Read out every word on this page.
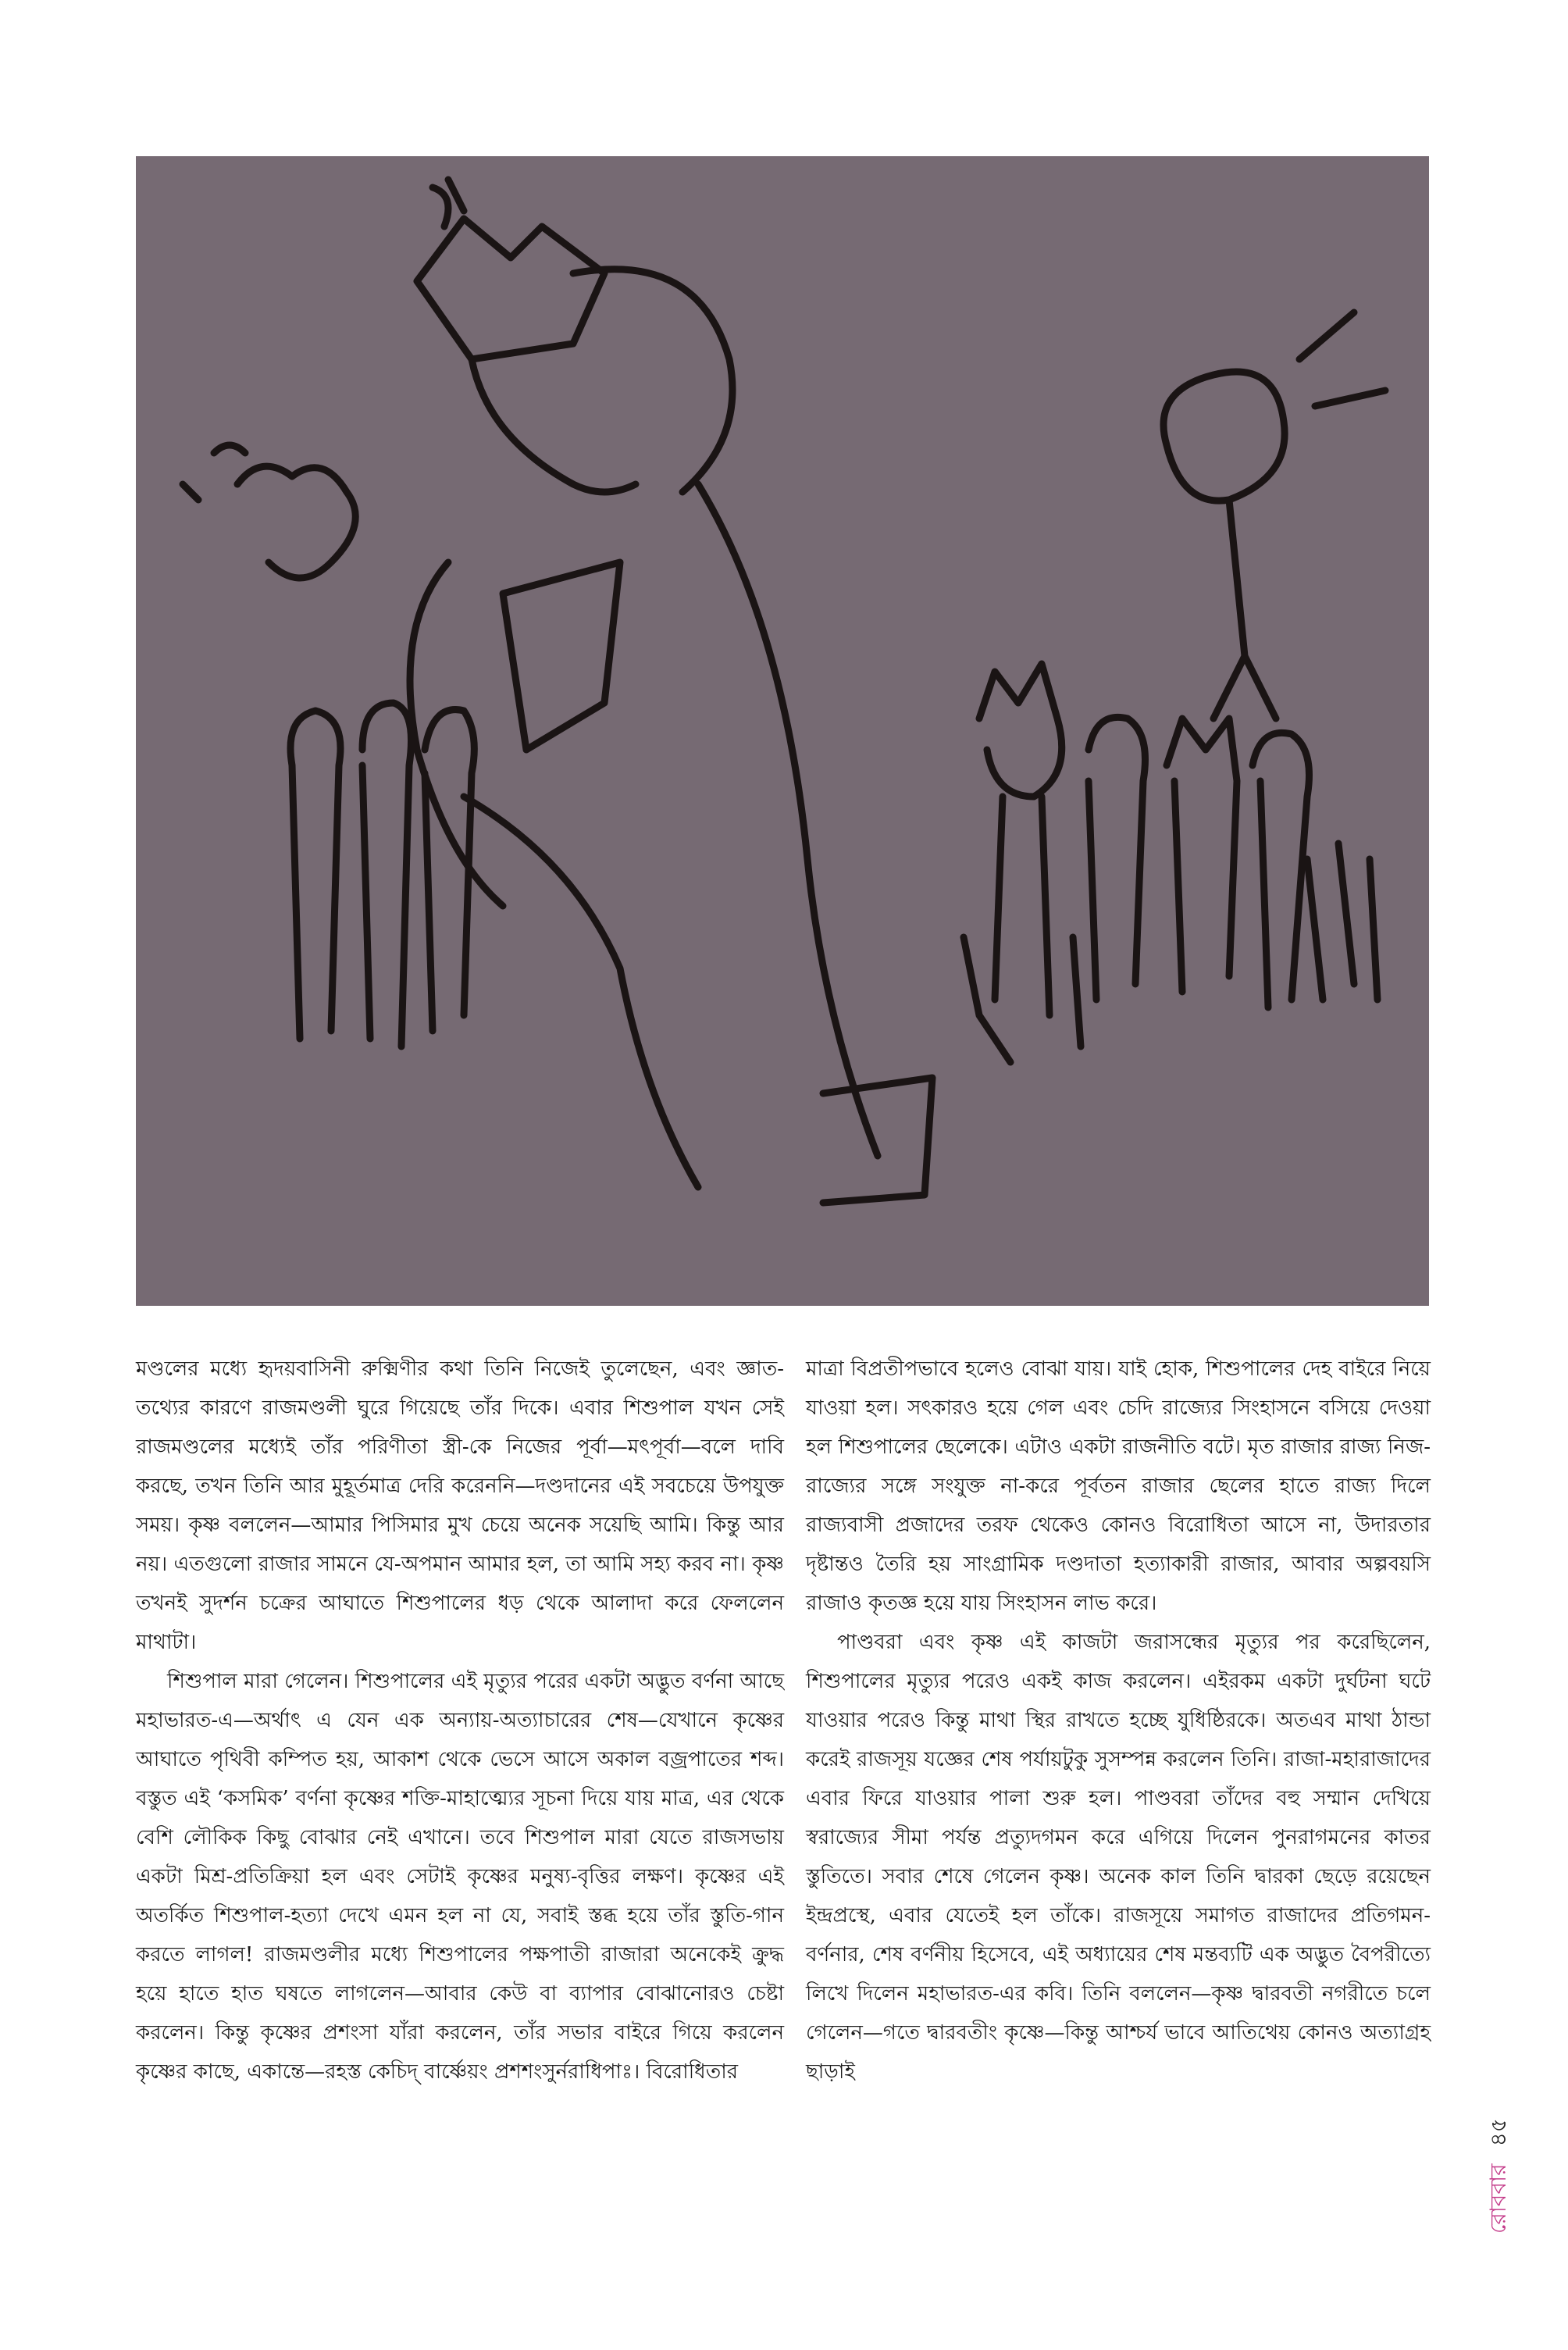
মণ্ডলের মধ্যে হৃদয়বাসিনী রুক্মিণীর কথা তিনি নিজেই তুলেছেন, এবং জ্ঞাত-তথ্যের কারণে রাজমণ্ডলী ঘুরে গিয়েছে তাঁর দিকে। এবার শিশুপাল যখন সেই রাজমণ্ডলের মধ্যেই তাঁর পরিণীতা স্ত্রী-কে নিজের পূর্বা—মৎপূর্বা—বলে দাবি করছে, তখন তিনি আর মুহূর্তমাত্র দেরি করেননি—দণ্ডদানের এই সবচেয়ে উপযুক্ত সময়। কৃষ্ণ বললেন—আমার পিসিমার মুখ চেয়ে অনেক সয়েছি আমি। কিন্তু আর নয়। এতগুলো রাজার সামনে যে-অপমান আমার হল, তা আমি সহ্য করব না। কৃষ্ণ তখনই সুদর্শন চক্রের আঘাতে শিশুপালের ধড় থেকে আলাদা করে ফেললেন মাথাটা।

শিশুপাল মারা গেলেন। শিশুপালের এই মৃত্যুর পরের একটা অদ্ভুত বর্ণনা আছে মহাভারত-এ—অর্থাৎ এ যেন এক অন্যায়-অত্যাচারের শেষ—যেখানে কৃষ্ণের আঘাতে পৃথিবী কম্পিত হয়, আকাশ থেকে ভেসে আসে অকাল বজ্রপাতের শব্দ। বস্তুত এই ‘কসমিক’ বর্ণনা কৃষ্ণের শক্তি-মাহাত্ম্যের সূচনা দিয়ে যায় মাত্র, এর থেকে বেশি লৌকিক কিছু বোঝার নেই এখানে। তবে শিশুপাল মারা যেতে রাজসভায় একটা মিশ্র-প্রতিক্রিয়া হল এবং সেটাই কৃষ্ণের মনুষ্য-বৃত্তির লক্ষণ। কৃষ্ণের এই অতর্কিত শিশুপাল-হত্যা দেখে এমন হল না যে, সবাই স্তব্ধ হয়ে তাঁর স্তুতি-গান করতে লাগল! রাজমণ্ডলীর মধ্যে শিশুপালের পক্ষপাতী রাজারা অনেকেই ক্রুদ্ধ হয়ে হাতে হাত ঘষতে লাগলেন—আবার কেউ বা ব্যাপার বোঝানোরও চেষ্টা করলেন। কিন্তু কৃষ্ণের প্রশংসা যাঁরা করলেন, তাঁর সভার বাইরে গিয়ে করলেন কৃষ্ণের কাছে, একান্তে—রহস্ত কেচিদ্ বার্ষ্ণেয়ং প্রশশংসুর্নরাধিপাঃ। বিরোধিতার

মাত্রা বিপ্রতীপভাবে হলেও বোঝা যায়। যাই হোক, শিশুপালের দেহ বাইরে নিয়ে যাওয়া হল। সৎকারও হয়ে গেল এবং চেদি রাজ্যের সিংহাসনে বসিয়ে দেওয়া হল শিশুপালের ছেলেকে। এটাও একটা রাজনীতি বটে। মৃত রাজার রাজ্য নিজ-রাজ্যের সঙ্গে সংযুক্ত না-করে পূর্বতন রাজার ছেলের হাতে রাজ্য দিলে রাজ্যবাসী প্রজাদের তরফ থেকেও কোনও বিরোধিতা আসে না, উদারতার দৃষ্টান্তও তৈরি হয় সাংগ্রামিক দণ্ডদাতা হত্যাকারী রাজার, আবার অল্পবয়সি রাজাও কৃতজ্ঞ হয়ে যায় সিংহাসন লাভ করে।

পাণ্ডবরা এবং কৃষ্ণ এই কাজটা জরাসন্ধের মৃত্যুর পর করেছিলেন, শিশুপালের মৃত্যুর পরেও একই কাজ করলেন। এইরকম একটা দুর্ঘটনা ঘটে যাওয়ার পরেও কিন্তু মাথা স্থির রাখতে হচ্ছে যুধিষ্ঠিরকে। অতএব মাথা ঠান্ডা করেই রাজসূয় যজ্ঞের শেষ পর্যায়টুকু সুসম্পন্ন করলেন তিনি। রাজা-মহারাজাদের এবার ফিরে যাওয়ার পালা শুরু হল। পাণ্ডবরা তাঁদের বহু সম্মান দেখিয়ে স্বরাজ্যের সীমা পর্যন্ত প্রত্যুদগমন করে এগিয়ে দিলেন পুনরাগমনের কাতর স্তুতিতে। সবার শেষে গেলেন কৃষ্ণ। অনেক কাল তিনি দ্বারকা ছেড়ে রয়েছেন ইন্দ্রপ্রস্থে, এবার যেতেই হল তাঁকে। রাজসূয়ে সমাগত রাজাদের প্রতিগমন-বর্ণনার, শেষ বর্ণনীয় হিসেবে, এই অধ্যায়ের শেষ মন্তব্যটি এক অদ্ভুত বৈপরীত্যে লিখে দিলেন মহাভারত-এর কবি। তিনি বললেন—কৃষ্ণ দ্বারবতী নগরীতে চলে গেলেন—গতে দ্বারবতীং কৃষ্ণে—কিন্তু আশ্চর্য ভাবে আতিথেয় কোনও অত্যাগ্রহ ছাড়াই

রোববার
৪৫
